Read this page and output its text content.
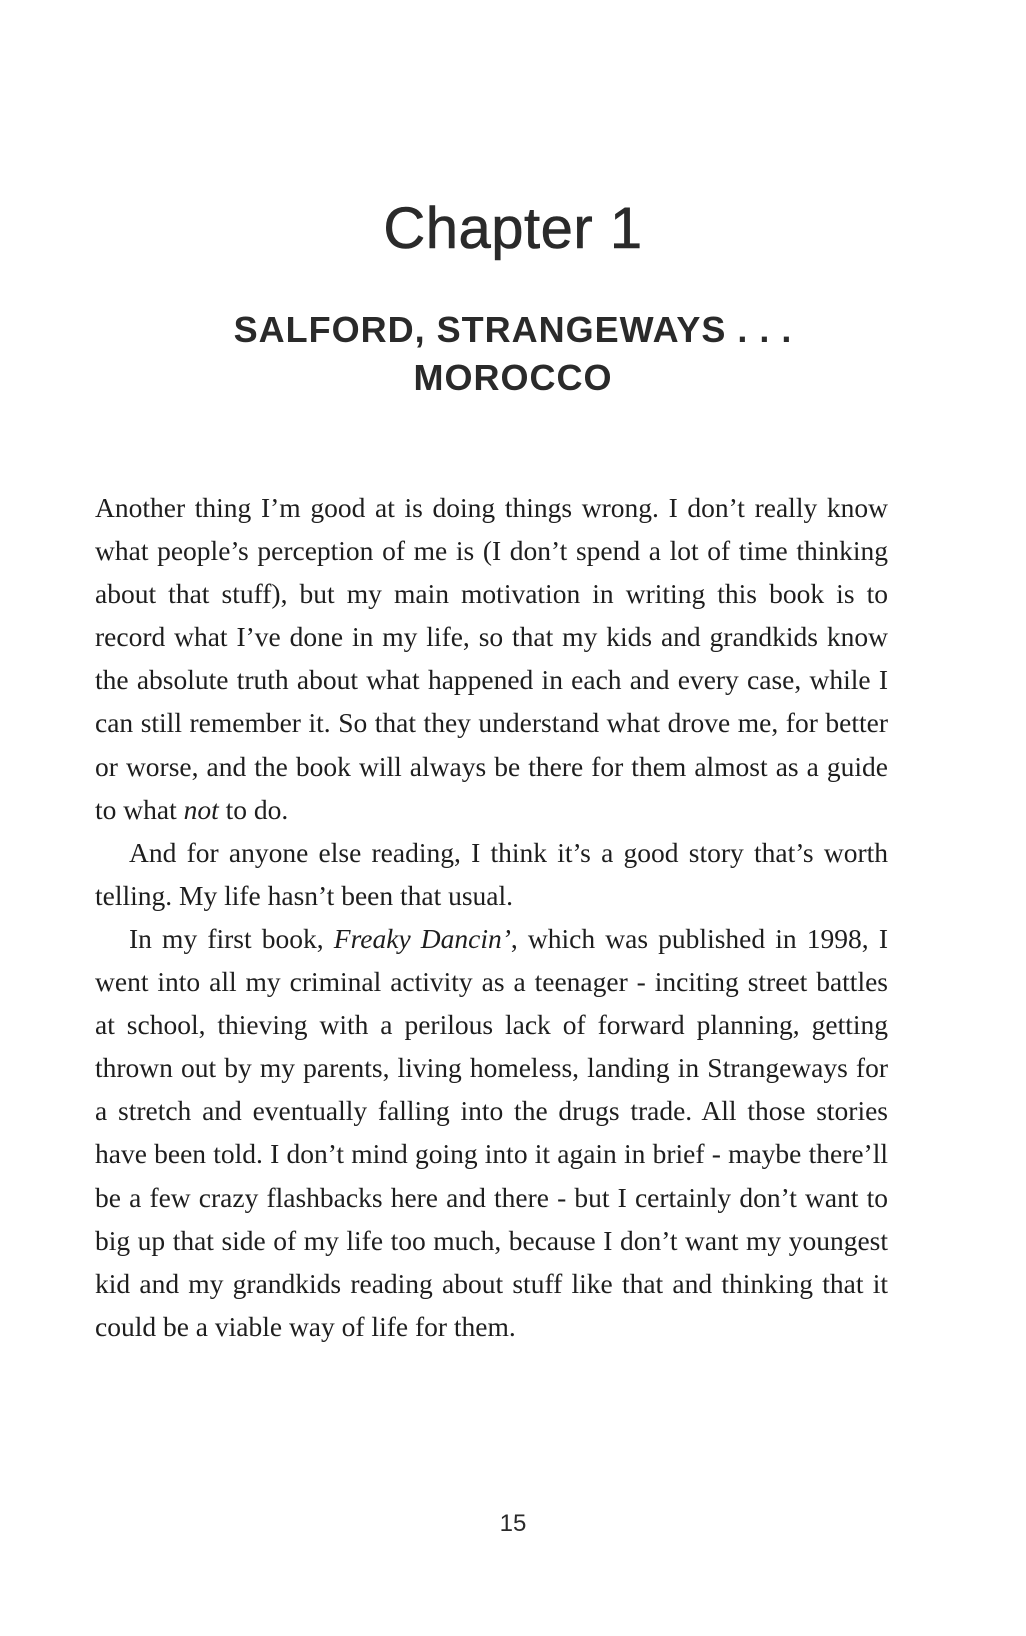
Chapter 1
SALFORD, STRANGEWAYS . . .
MOROCCO

Another thing I’m good at is doing things wrong. I don’t really know what people’s perception of me is (I don’t spend a lot of time thinking about that stuff), but my main motivation in writing this book is to record what I’ve done in my life, so that my kids and grandkids know the absolute truth about what happened in each and every case, while I can still remember it. So that they understand what drove me, for better or worse, and the book will always be there for them almost as a guide to what not to do.

And for anyone else reading, I think it’s a good story that’s worth telling. My life hasn’t been that usual.

In my first book, Freaky Dancin’, which was published in 1998, I went into all my criminal activity as a teenager - inciting street battles at school, thieving with a perilous lack of forward planning, getting thrown out by my parents, living homeless, landing in Strangeways for a stretch and eventually falling into the drugs trade. All those stories have been told. I don’t mind going into it again in brief - maybe there’ll be a few crazy flashbacks here and there - but I certainly don’t want to big up that side of my life too much, because I don’t want my youngest kid and my grandkids reading about stuff like that and thinking that it could be a viable way of life for them.

15
